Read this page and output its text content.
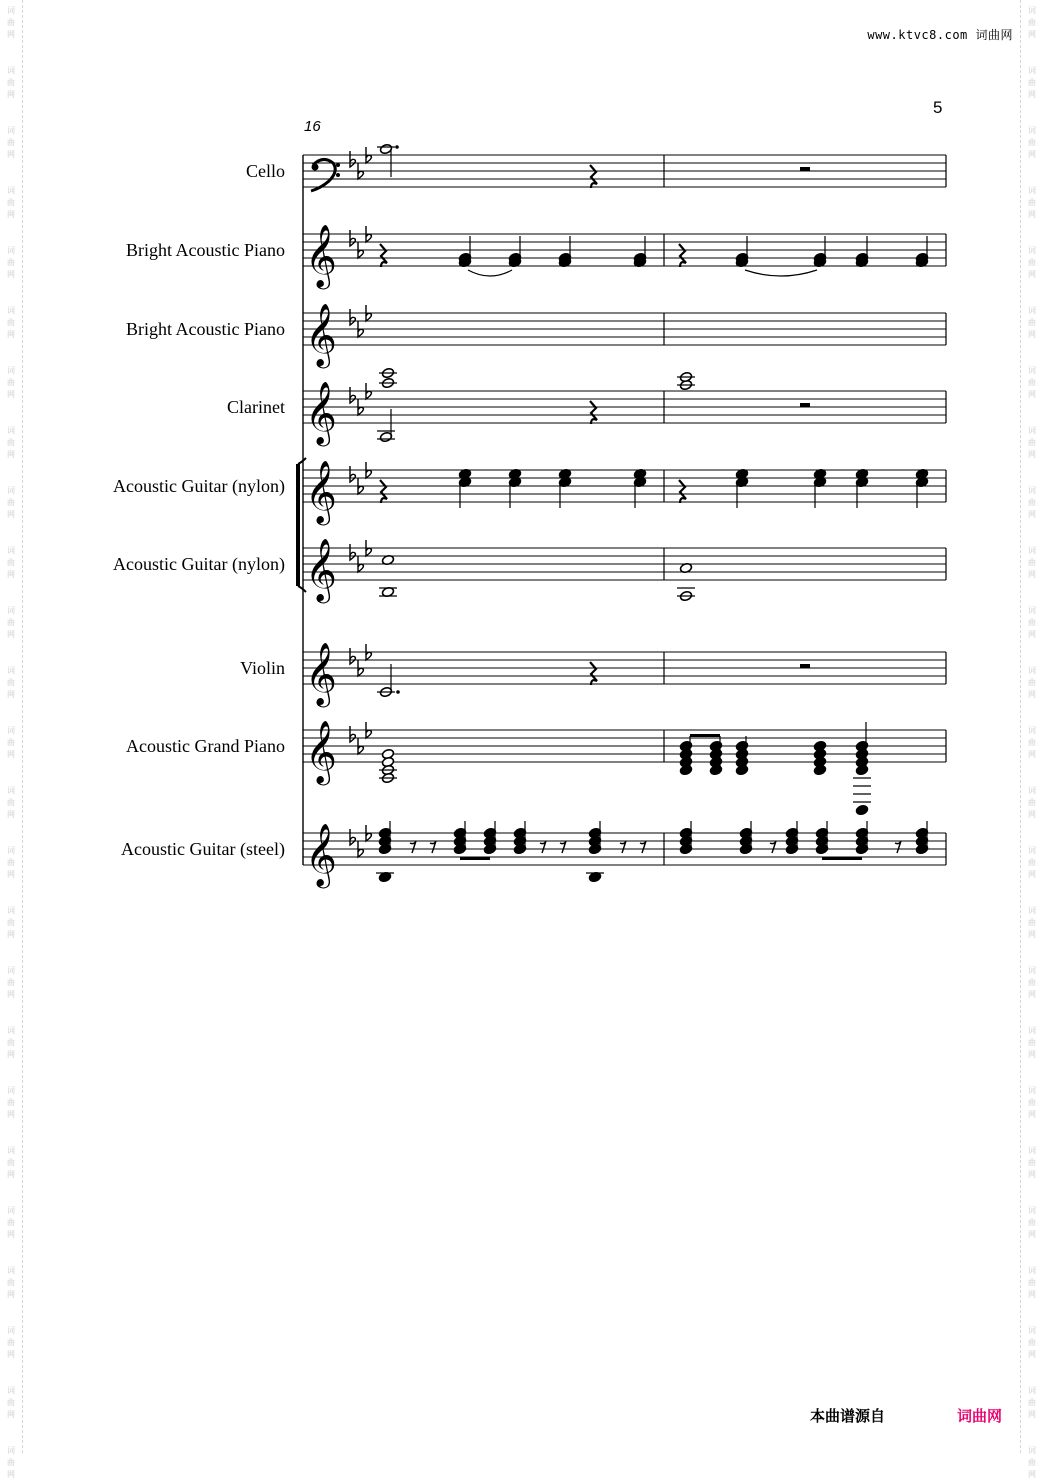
词
曲
网
词
曲
网
词
曲
网
词
曲
网
词
曲
网
词
曲
网
词
曲
网
词
曲
网
词
曲
网
词
曲
网
词
曲
网
词
曲
网
词
曲
网
词
曲
网
词
曲
网
词
曲
网
词
曲
网
词
曲
网
词
曲
网
词
曲
网
词
曲
网
词
曲
网
词
曲
网
词
曲
网
词
曲
网
词
曲
网
词
曲
网
词
曲
网
词
曲
网
词
曲
网
词
曲
网
词
曲
网
词
曲
网
词
曲
网
词
曲
网
词
曲
网
词
曲
网
词
曲
网
词
曲
网
词
曲
网
词
曲
网
词
曲
网
词
曲
网
词
曲
网
词
曲
网
词
曲
网
词
曲
网
词
曲
网
词
曲
网
词
曲
网
www.ktvc8.com 词曲网
5
16
Cello
Bright Acoustic Piano
Bright Acoustic Piano
Clarinet
Acoustic Guitar (nylon)
Acoustic Guitar (nylon)
Violin
Acoustic Grand Piano
Acoustic Guitar (steel)
𝄞
𝄞
𝄞
𝄞
𝄞
𝄞
𝄞
𝄞
本曲谱源自	词曲网
